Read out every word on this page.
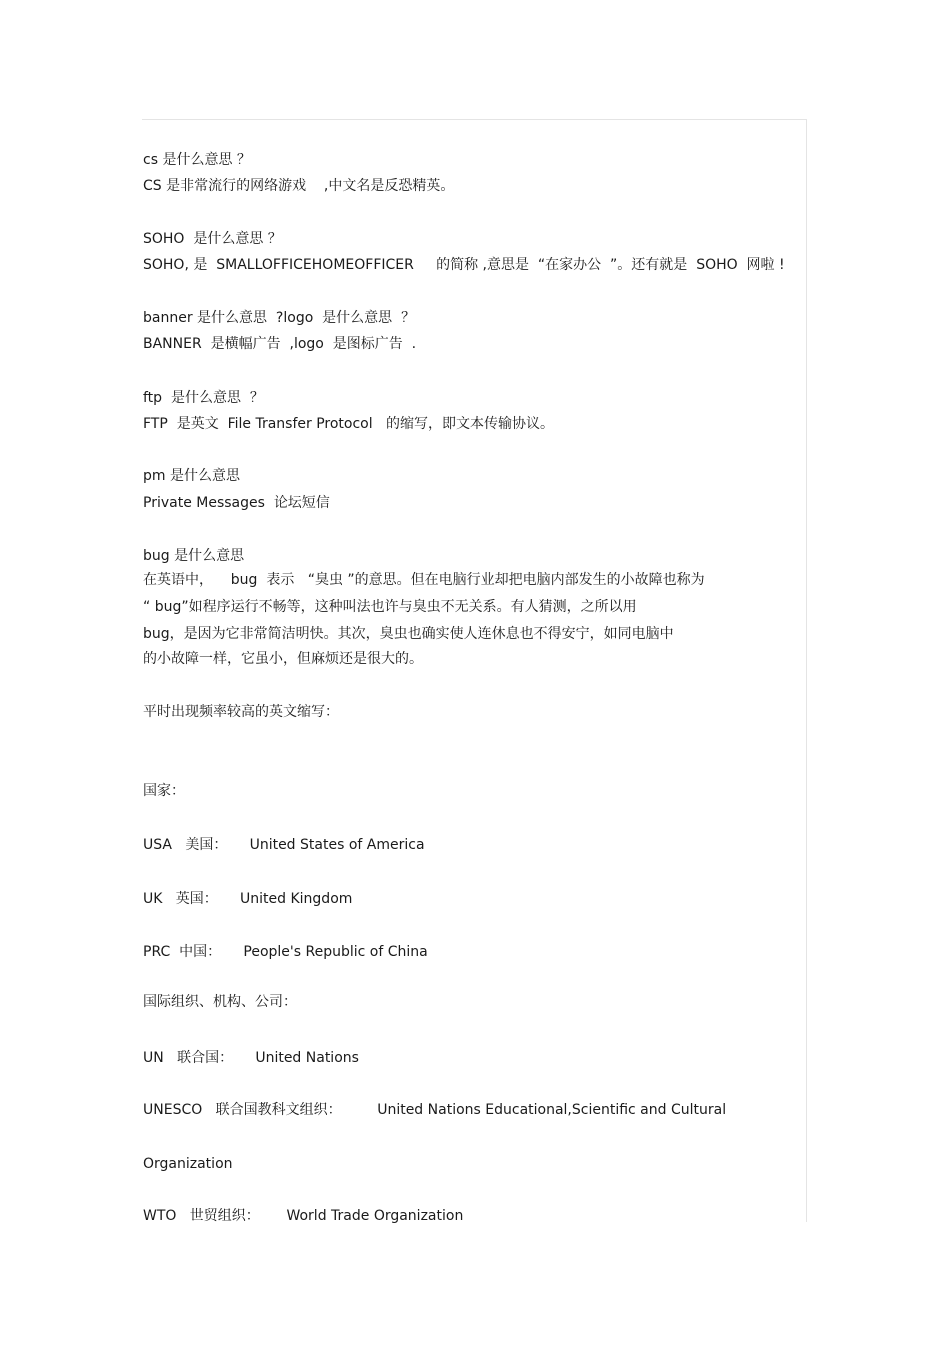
cs 是什么意思 ？
CS 是非常流行的网络游戏    ,中文名是反恐精英。
SOHO  是什么意思 ？
SOHO, 是  SMALLOFFICEHOMEOFFICER     的简称 ,意思是  “在家办公  ”。还有就是  SOHO  网啦 !
banner 是什么意思  ?logo  是什么意思  ？
BANNER  是横幅广告  ,logo  是图标广告  .
ftp  是什么意思  ？
FTP  是英文  File Transfer Protocol   的缩写，即文本传输协议。
pm 是什么意思
Private Messages  论坛短信
bug 是什么意思
在英语中，    bug  表示   “臭虫 ”的意思。但在电脑行业却把电脑内部发生的小故障也称为
“ bug”如程序运行不畅等，这种叫法也许与臭虫不无关系。有人猜测，之所以用
bug，是因为它非常简洁明快。其次，臭虫也确实使人连休息也不得安宁，如同电脑中
的小故障一样，它虽小，但麻烦还是很大的。
平时出现频率较高的英文缩写：
国家：
USA   美国：     United States of America
UK   英国：     United Kingdom
PRC  中国：     People's Republic of China
国际组织、机构、公司：
UN   联合国：     United Nations
UNESCO   联合国教科文组织：        United Nations Educational,Scientific and Cultural
Organization
WTO   世贸组织：      World Trade Organization
